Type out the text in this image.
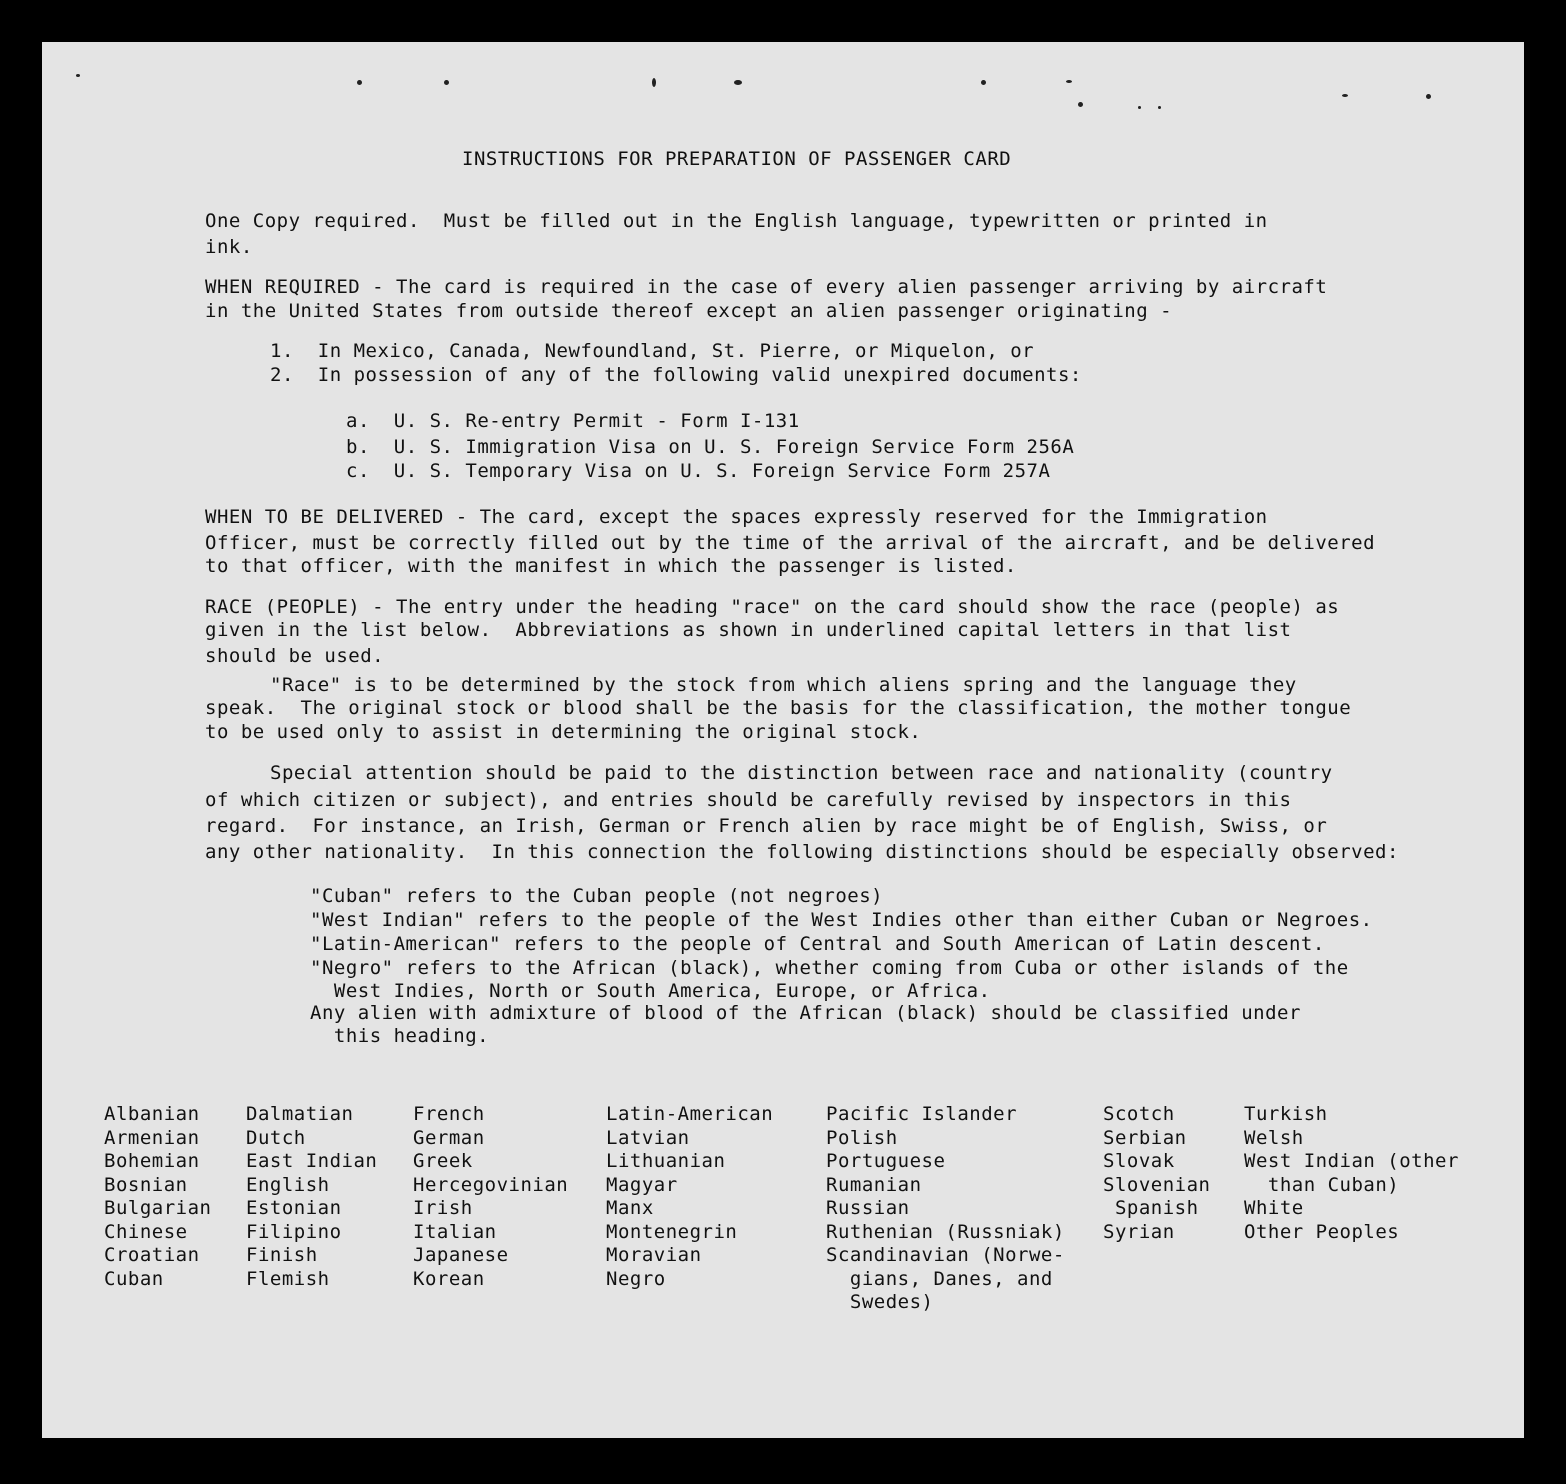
INSTRUCTIONS FOR PREPARATION OF PASSENGER CARD
One Copy required.  Must be filled out in the English language, typewritten or printed in
ink.
WHEN REQUIRED - The card is required in the case of every alien passenger arriving by aircraft
in the United States from outside thereof except an alien passenger originating -
1.  In Mexico, Canada, Newfoundland, St. Pierre, or Miquelon, or
2.  In possession of any of the following valid unexpired documents:
a.  U. S. Re-entry Permit - Form I-131
b.  U. S. Immigration Visa on U. S. Foreign Service Form 256A
c.  U. S. Temporary Visa on U. S. Foreign Service Form 257A
WHEN TO BE DELIVERED - The card, except the spaces expressly reserved for the Immigration
Officer, must be correctly filled out by the time of the arrival of the aircraft, and be delivered
to that officer, with the manifest in which the passenger is listed.
RACE (PEOPLE) - The entry under the heading "race" on the card should show the race (people) as
given in the list below.  Abbreviations as shown in underlined capital letters in that list
should be used.
"Race" is to be determined by the stock from which aliens spring and the language they
speak.  The original stock or blood shall be the basis for the classification, the mother tongue
to be used only to assist in determining the original stock.
Special attention should be paid to the distinction between race and nationality (country
of which citizen or subject), and entries should be carefully revised by inspectors in this
regard.  For instance, an Irish, German or French alien by race might be of English, Swiss, or
any other nationality.  In this connection the following distinctions should be especially observed:
"Cuban" refers to the Cuban people (not negroes)
"West Indian" refers to the people of the West Indies other than either Cuban or Negroes.
"Latin-American" refers to the people of Central and South American of Latin descent.
"Negro" refers to the African (black), whether coming from Cuba or other islands of the
West Indies, North or South America, Europe, or Africa.
Any alien with admixture of blood of the African (black) should be classified under
this heading.
Albanian
Armenian
Bohemian
Bosnian
Bulgarian
Chinese
Croatian
Cuban
Dalmatian
Dutch
East Indian
English
Estonian
Filipino
Finish
Flemish
French
German
Greek
Hercegovinian
Irish
Italian
Japanese
Korean
Latin-American
Latvian
Lithuanian
Magyar
Manx
Montenegrin
Moravian
Negro
Pacific Islander
Polish
Portuguese
Rumanian
Russian
Ruthenian (Russniak)
Scandinavian (Norwe-
gians, Danes, and
Swedes)
Scotch
Serbian
Slovak
Slovenian
Spanish
Syrian
Turkish
Welsh
West Indian (other
than Cuban)
White
Other Peoples
